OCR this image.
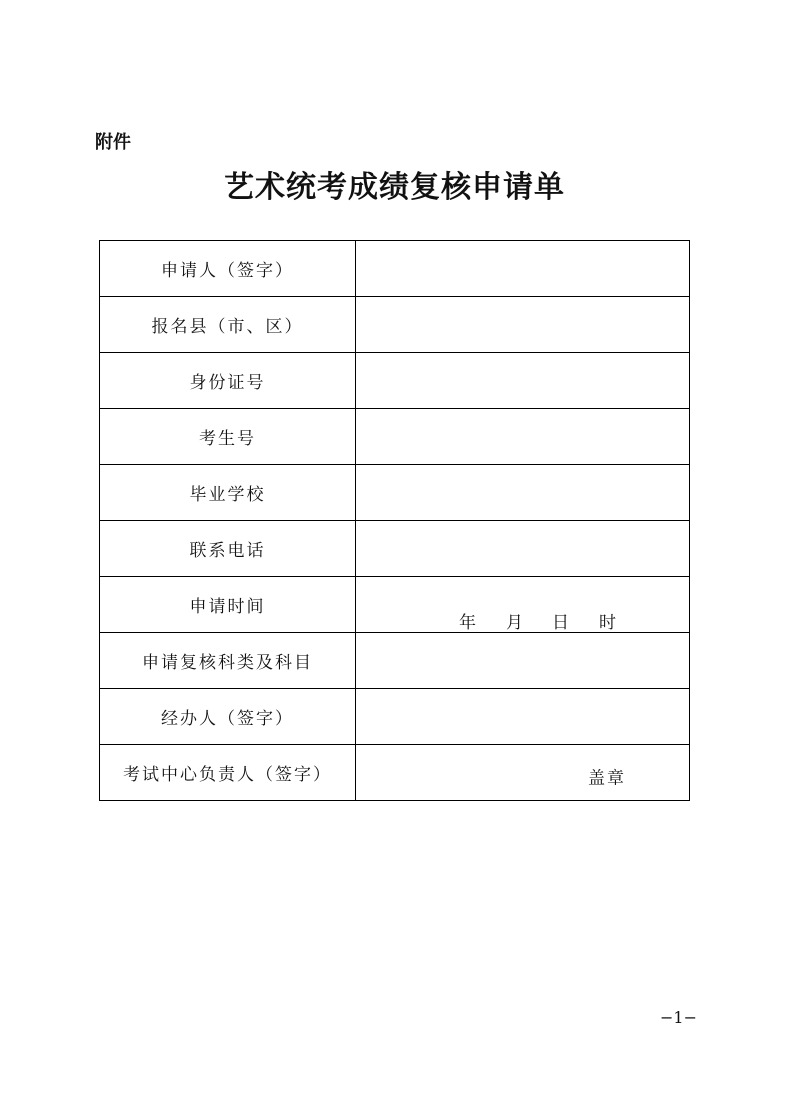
附件
艺术统考成绩复核申请单
申请人（签字）	
报名县（市、区）	
身份证号	
考生号	
毕业学校	
联系电话	
申请时间	年 月 日 时

申请复核科类及科目	
经办人（签字）	
考试中心负责人（签字）	盖章
−1−
